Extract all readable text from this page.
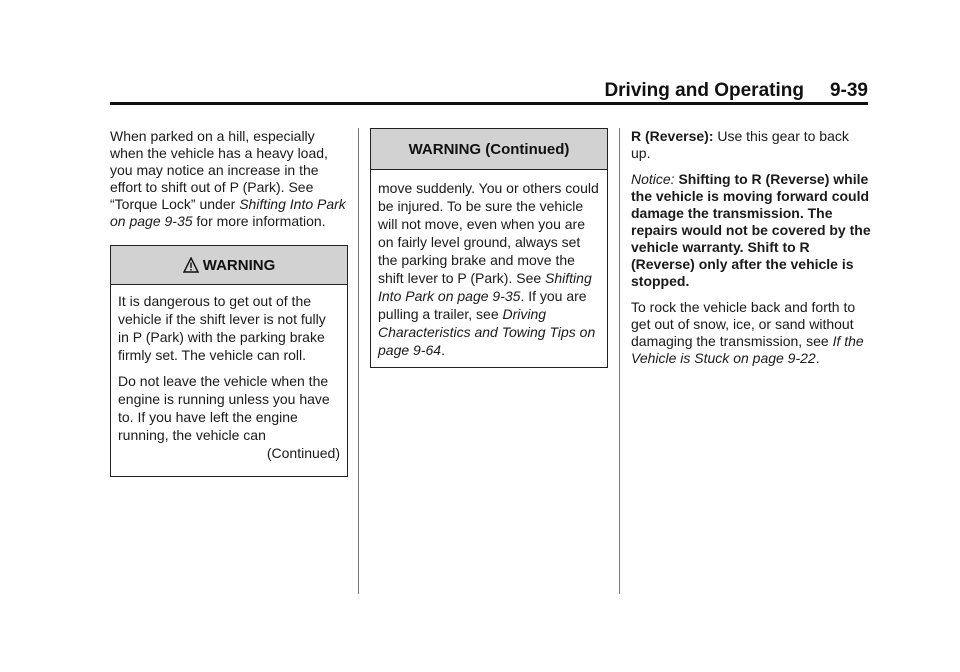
Driving and Operating 9-39

When parked on a hill, especially when the vehicle has a heavy load, you may notice an increase in the effort to shift out of P (Park). See “Torque Lock” under Shifting Into Park on page 9-35 for more information.

WARNING

It is dangerous to get out of the vehicle if the shift lever is not fully in P (Park) with the parking brake firmly set. The vehicle can roll.

Do not leave the vehicle when the engine is running unless you have to. If you have left the engine running, the vehicle can

(Continued)

WARNING (Continued)

move suddenly. You or others could be injured. To be sure the vehicle will not move, even when you are on fairly level ground, always set the parking brake and move the shift lever to P (Park). See Shifting Into Park on page 9-35. If you are pulling a trailer, see Driving Characteristics and Towing Tips on page 9-64.

R (Reverse): Use this gear to back up.

Notice: Shifting to R (Reverse) while the vehicle is moving forward could damage the transmission. The repairs would not be covered by the vehicle warranty. Shift to R (Reverse) only after the vehicle is stopped.

To rock the vehicle back and forth to get out of snow, ice, or sand without damaging the transmission, see If the Vehicle is Stuck on page 9-22.
